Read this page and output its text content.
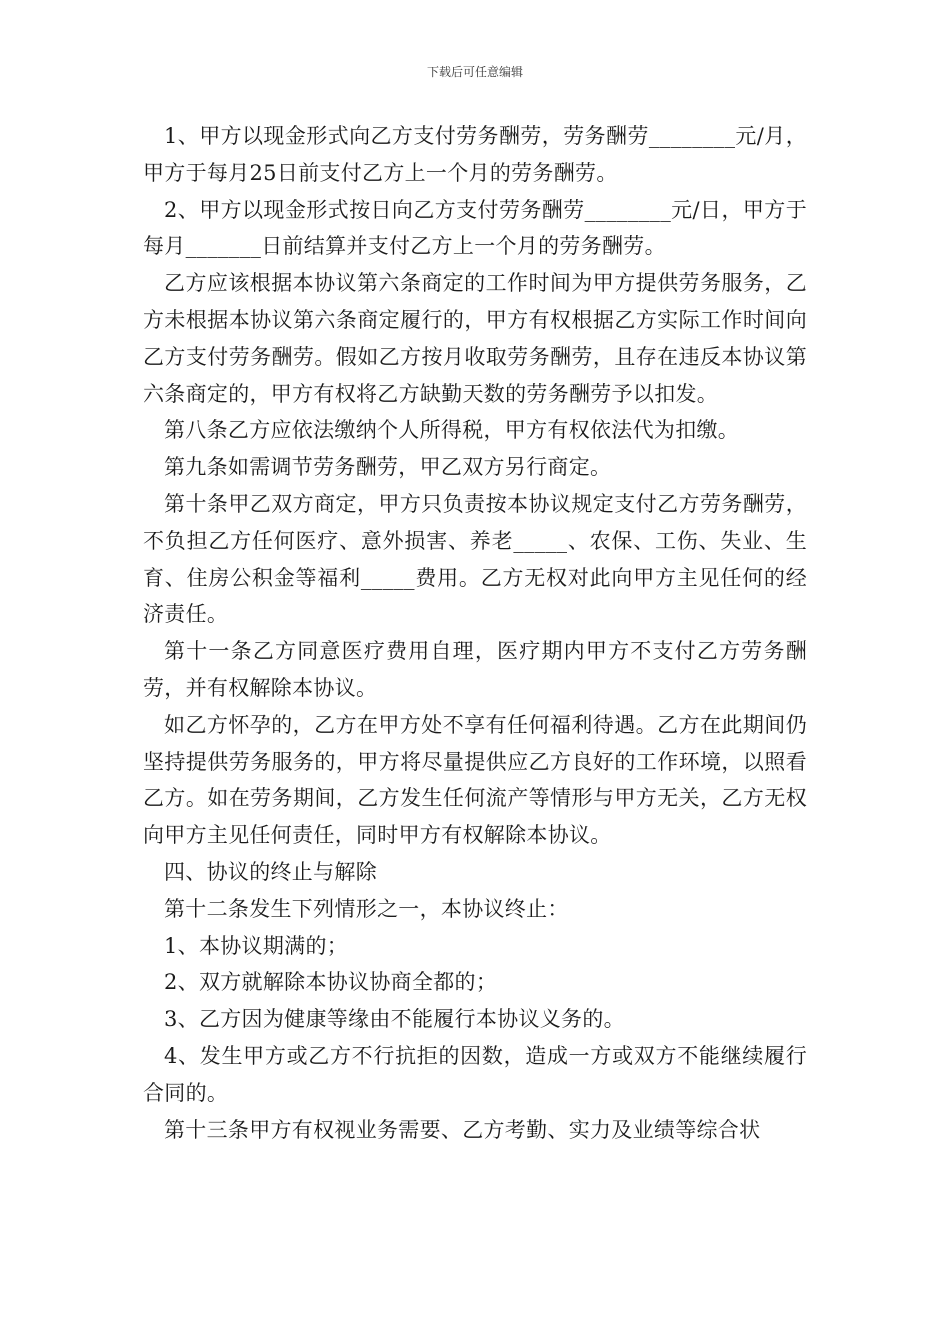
下载后可任意编辑

1、甲方以现金形式向乙方支付劳务酬劳，劳务酬劳________元/月，甲方于每月25日前支付乙方上一个月的劳务酬劳。

2、甲方以现金形式按日向乙方支付劳务酬劳________元/日，甲方于每月_______日前结算并支付乙方上一个月的劳务酬劳。

乙方应该根据本协议第六条商定的工作时间为甲方提供劳务服务，乙方未根据本协议第六条商定履行的，甲方有权根据乙方实际工作时间向乙方支付劳务酬劳。假如乙方按月收取劳务酬劳，且存在违反本协议第六条商定的，甲方有权将乙方缺勤天数的劳务酬劳予以扣发。

第八条乙方应依法缴纳个人所得税，甲方有权依法代为扣缴。

第九条如需调节劳务酬劳，甲乙双方另行商定。

第十条甲乙双方商定，甲方只负责按本协议规定支付乙方劳务酬劳，不负担乙方任何医疗、意外损害、养老_____、农保、工伤、失业、生育、住房公积金等福利_____费用。乙方无权对此向甲方主见任何的经济责任。

第十一条乙方同意医疗费用自理，医疗期内甲方不支付乙方劳务酬劳，并有权解除本协议。

如乙方怀孕的，乙方在甲方处不享有任何福利待遇。乙方在此期间仍坚持提供劳务服务的，甲方将尽量提供应乙方良好的工作环境，以照看乙方。如在劳务期间，乙方发生任何流产等情形与甲方无关，乙方无权向甲方主见任何责任，同时甲方有权解除本协议。

四、协议的终止与解除

第十二条发生下列情形之一，本协议终止：

1、本协议期满的；

2、双方就解除本协议协商全都的；

3、乙方因为健康等缘由不能履行本协议义务的。

4、发生甲方或乙方不行抗拒的因数，造成一方或双方不能继续履行合同的。

第十三条甲方有权视业务需要、乙方考勤、实力及业绩等综合状
